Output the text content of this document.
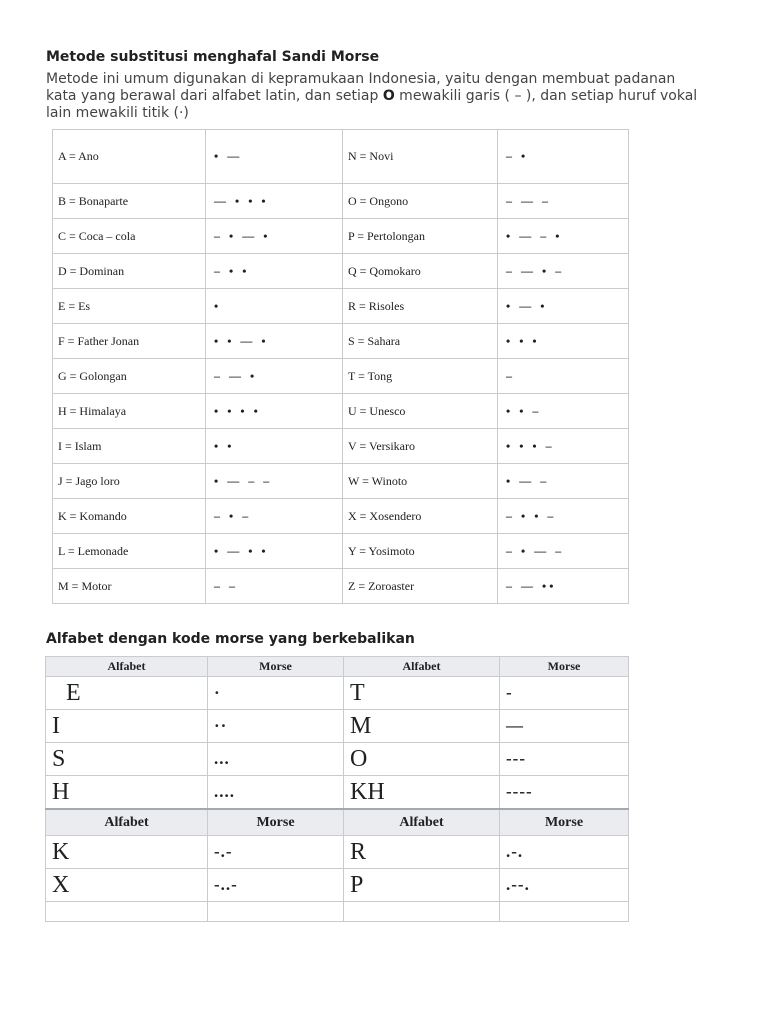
Metode substitusi menghafal Sandi Morse

Metode ini umum digunakan di kepramukaan Indonesia, yaitu dengan membuat padanan kata yang berawal dari alfabet latin, dan setiap O mewakili garis ( – ), dan setiap huruf vokal lain mewakili titik (·)

A = Ano	• —	N = Novi	– •
B = Bonaparte	— • • •	O = Ongono	– — –
C = Coca – cola	– • — •	P = Pertolongan	• — – •
D = Dominan	– • •	Q = Qomokaro	– — • –
E = Es	•	R = Risoles	• — •
F = Father Jonan	• • — •	S = Sahara	• • •
G = Golongan	– — •	T = Tong	–
H = Himalaya	• • • •	U = Unesco	• • –
I = Islam	• •	V = Versikaro	• • • –
J = Jago loro	• — – –	W = Winoto	• — –
K = Komando	– • –	X = Xosendero	– • • –
L = Lemonade	• — • •	Y = Yosimoto	– • — –
M = Motor	– –	Z = Zoroaster	– — ••
Alfabet dengan kode morse yang berkebalikan
Alfabet	Morse	Alfabet	Morse
E	·	T	-
I	··	M	—
S	...	O	---
H	....	KH	----
Alfabet	Morse	Alfabet	Morse
K	-.-	R	.-.
X	-..-	P	.--.
